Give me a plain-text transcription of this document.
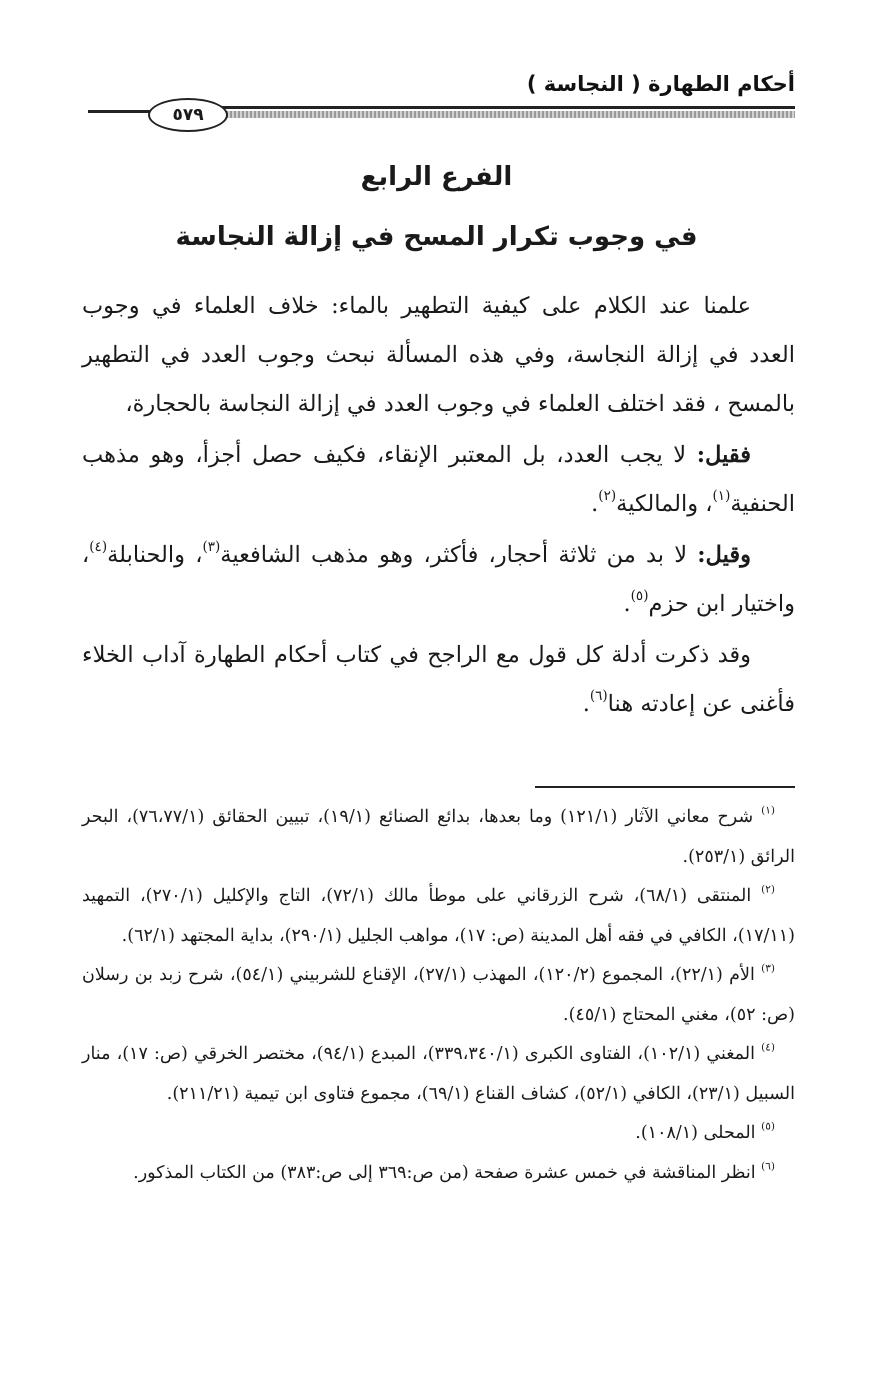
أحكام الطهارة ( النجاسة )
٥٧٩
الفرع الرابع
في وجوب تكرار المسح في إزالة النجاسة

علمنا عند الكلام على كيفية التطهير بالماء: خلاف العلماء في وجوب العدد في إزالة النجاسة، وفي هذه المسألة نبحث وجوب العدد في التطهير بالمسح ، فقد اختلف العلماء في وجوب العدد في إزالة النجاسة بالحجارة،

فقيل: لا يجب العدد، بل المعتبر الإنقاء، فكيف حصل أجزأ، وهو مذهب الحنفية$^{(١)}$، والمالكية$^{(٢)}$.

وقيل: لا بد من ثلاثة أحجار، فأكثر، وهو مذهب الشافعية$^{(٣)}$، والحنابلة$^{(٤)}$، واختيار ابن حزم$^{(٥)}$.

وقد ذكرت أدلة كل قول مع الراجح في كتاب أحكام الطهارة آداب الخلاء فأغنى عن إعادته هنا$^{(٦)}$.

$^{(١)}$ شرح معاني الآثار (١٢١/١) وما بعدها، بدائع الصنائع (١٩/١)، تبيين الحقائق (٧٦،٧٧/١)، البحر الرائق (٢٥٣/١).

$^{(٢)}$ المنتقى (٦٨/١)، شرح الزرقاني على موطأ مالك (٧٢/١)، التاج والإكليل (٢٧٠/١)، التمهيد (١٧/١١)، الكافي في فقه أهل المدينة (ص: ١٧)، مواهب الجليل (٢٩٠/١)، بداية المجتهد (٦٢/١).

$^{(٣)}$ الأم (٢٢/١)، المجموع (١٢٠/٢)، المهذب (٢٧/١)، الإقناع للشربيني (٥٤/١)، شرح زبد بن رسلان (ص: ٥٢)، مغني المحتاج (٤٥/١).

$^{(٤)}$ المغني (١٠٢/١)، الفتاوى الكبرى (٣٣٩،٣٤٠/١)، المبدع (٩٤/١)، مختصر الخرقي (ص: ١٧)، منار السبيل (٢٣/١)، الكافي (٥٢/١)، كشاف القناع (٦٩/١)، مجموع فتاوى ابن تيمية (٢١١/٢١).

$^{(٥)}$ المحلى (١٠٨/١).

$^{(٦)}$ انظر المناقشة في خمس عشرة صفحة (من ص:٣٦٩ إلى ص:٣٨٣) من الكتاب المذكور.
